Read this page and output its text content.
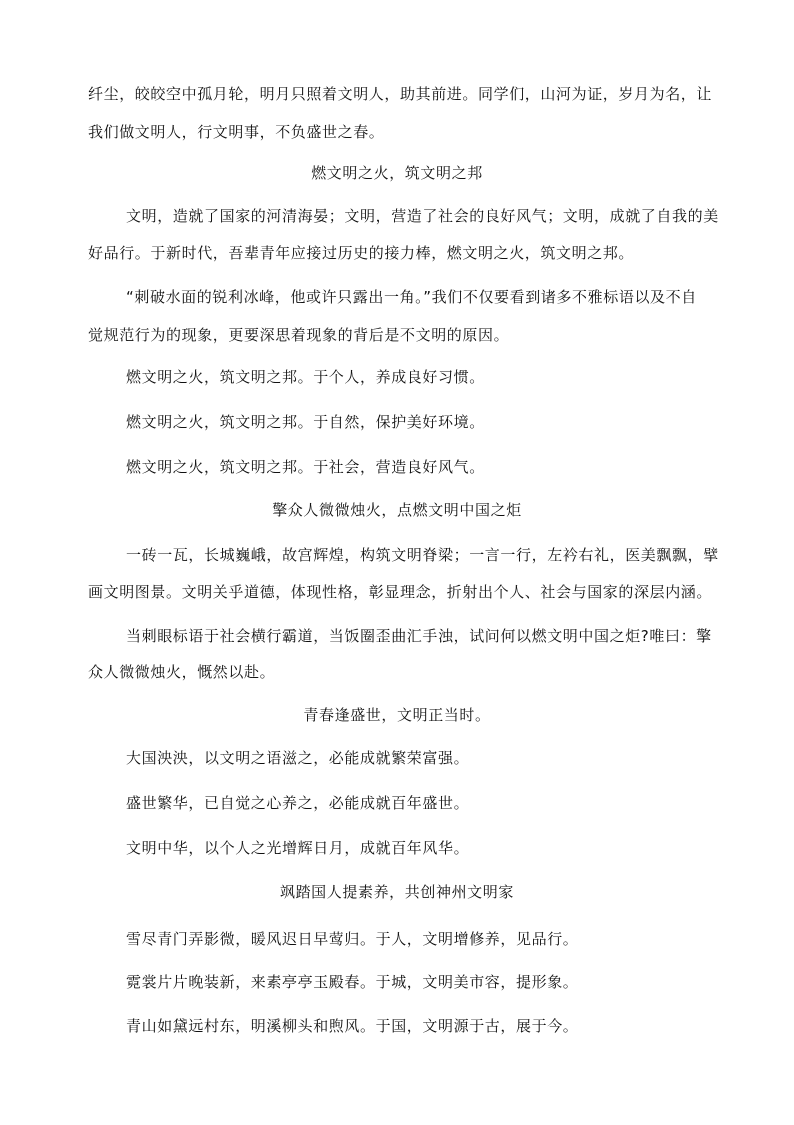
纤尘，皎皎空中孤月轮，明月只照着文明人，助其前进。同学们，山河为证，岁月为名，让
我们做文明人，行文明事，不负盛世之春。
燃文明之火，筑文明之邦
文明，造就了国家的河清海晏；文明，营造了社会的良好风气；文明，成就了自我的美
好品行。于新时代，吾辈青年应接过历史的接力棒，燃文明之火，筑文明之邦。
“刺破水面的锐利冰峰，他或许只露出一角。”我们不仅要看到诸多不雅标语以及不自
觉规范行为的现象，更要深思着现象的背后是不文明的原因。
燃文明之火，筑文明之邦。于个人，养成良好习惯。
燃文明之火，筑文明之邦。于自然，保护美好环境。
燃文明之火，筑文明之邦。于社会，营造良好风气。
擎众人微微烛火，点燃文明中国之炬
一砖一瓦，长城巍峨，故宫辉煌，构筑文明脊梁；一言一行，左衿右礼，医美飘飘，擘
画文明图景。文明关乎道德，体现性格，彰显理念，折射出个人、社会与国家的深层内涵。
当刺眼标语于社会横行霸道，当饭圈歪曲汇手浊，试问何以燃文明中国之炬?唯曰：擎
众人微微烛火，慨然以赴。
青春逢盛世，文明正当时。
大国泱泱，以文明之语滋之，必能成就繁荣富强。
盛世繁华，已自觉之心养之，必能成就百年盛世。
文明中华，以个人之光增辉日月，成就百年风华。
飒踏国人提素养，共创神州文明家
雪尽青门弄影微，暖风迟日早莺归。于人，文明增修养，见品行。
霓裳片片晚装新，来素亭亭玉殿春。于城，文明美市容，提形象。
青山如黛远村东，明溪柳头和煦风。于国，文明源于古，展于今。
